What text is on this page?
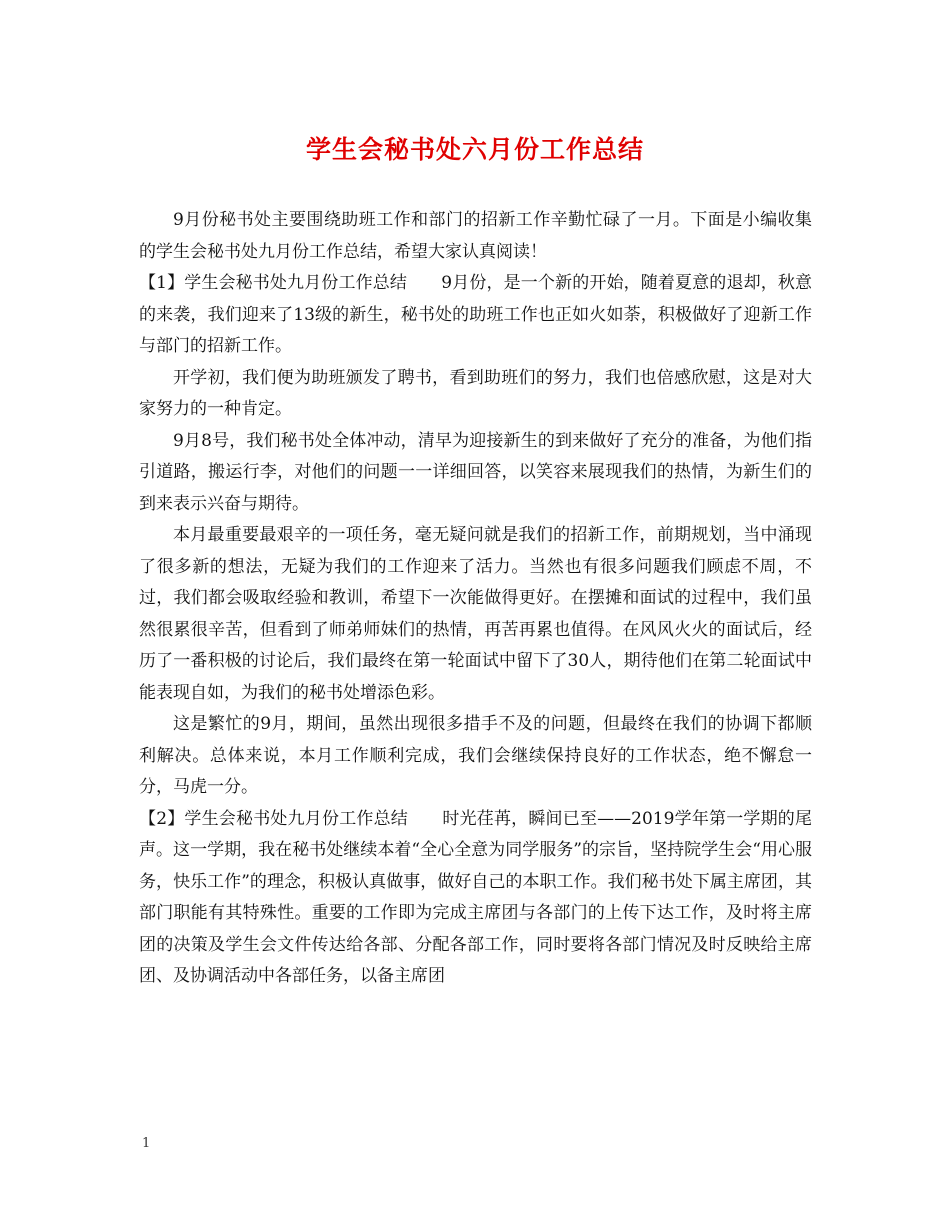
学生会秘书处六月份工作总结

9月份秘书处主要围绕助班工作和部门的招新工作辛勤忙碌了一月。下面是小编收集的学生会秘书处九月份工作总结，希望大家认真阅读！

【1】学生会秘书处九月份工作总结　　9月份，是一个新的开始，随着夏意的退却，秋意的来袭，我们迎来了13级的新生，秘书处的助班工作也正如火如荼，积极做好了迎新工作与部门的招新工作。

开学初，我们便为助班颁发了聘书，看到助班们的努力，我们也倍感欣慰，这是对大家努力的一种肯定。

9月8号，我们秘书处全体冲动，清早为迎接新生的到来做好了充分的准备，为他们指引道路，搬运行李，对他们的问题一一详细回答，以笑容来展现我们的热情，为新生们的到来表示兴奋与期待。

本月最重要最艰辛的一项任务，毫无疑问就是我们的招新工作，前期规划，当中涌现了很多新的想法，无疑为我们的工作迎来了活力。当然也有很多问题我们顾虑不周，不过，我们都会吸取经验和教训，希望下一次能做得更好。在摆摊和面试的过程中，我们虽然很累很辛苦，但看到了师弟师妹们的热情，再苦再累也值得。在风风火火的面试后，经历了一番积极的讨论后，我们最终在第一轮面试中留下了30人，期待他们在第二轮面试中能表现自如，为我们的秘书处增添色彩。

这是繁忙的9月，期间，虽然出现很多措手不及的问题，但最终在我们的协调下都顺利解决。总体来说，本月工作顺利完成，我们会继续保持良好的工作状态，绝不懈怠一分，马虎一分。

【2】学生会秘书处九月份工作总结　　时光荏苒，瞬间已至——2019学年第一学期的尾声。这一学期，我在秘书处继续本着“全心全意为同学服务”的宗旨，坚持院学生会“用心服务，快乐工作”的理念，积极认真做事，做好自己的本职工作。我们秘书处下属主席团，其部门职能有其特殊性。重要的工作即为完成主席团与各部门的上传下达工作，及时将主席团的决策及学生会文件传达给各部、分配各部工作，同时要将各部门情况及时反映给主席团、及协调活动中各部任务，以备主席团

1
